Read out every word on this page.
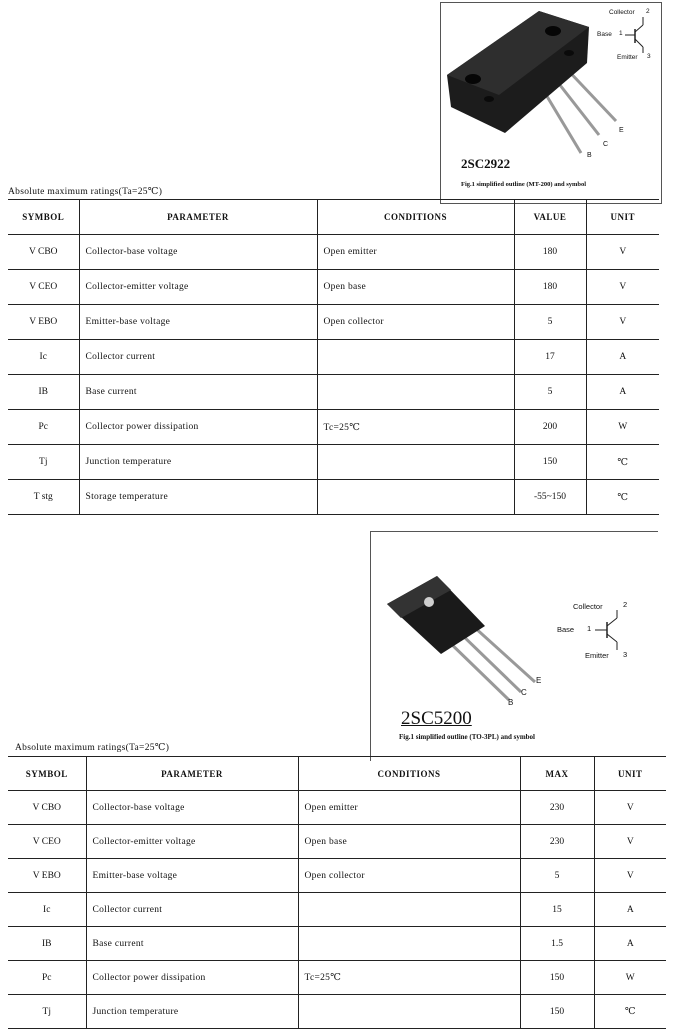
Collector 2
Base 1
Emitter 3
E
C
B
2SC2922
Fig.1 simplified outline (MT-200) and symbol
Absolute maximum ratings(Ta=25℃)
SYMBOL	PARAMETER	CONDITIONS	VALUE	UNIT
V CBO	Collector-base voltage	Open emitter	180	V
V CEO	Collector-emitter voltage	Open base	180	V
V EBO	Emitter-base voltage	Open collector	5	V
Ic	Collector current		17	A
IB	Base current		5	A
Pc	Collector power dissipation	Tc=25℃	200	W
Tj	Junction temperature		150	℃
T stg	Storage temperature		-55~150	℃
Collector	2
Base 1
Emitter 3
E
C
B
2SC5200
Fig.1 simplified outline (TO-3PL) and symbol
Absolute maximum ratings(Ta=25℃)
SYMBOL	PARAMETER	CONDITIONS	MAX	UNIT
V CBO	Collector-base voltage	Open emitter	230	V
V CEO	Collector-emitter voltage	Open base	230	V
V EBO	Emitter-base voltage	Open collector	5	V
Ic	Collector current		15	A
IB	Base current		1.5	A
Pc	Collector power dissipation	Tc=25℃	150	W
Tj	Junction temperature		150	℃
